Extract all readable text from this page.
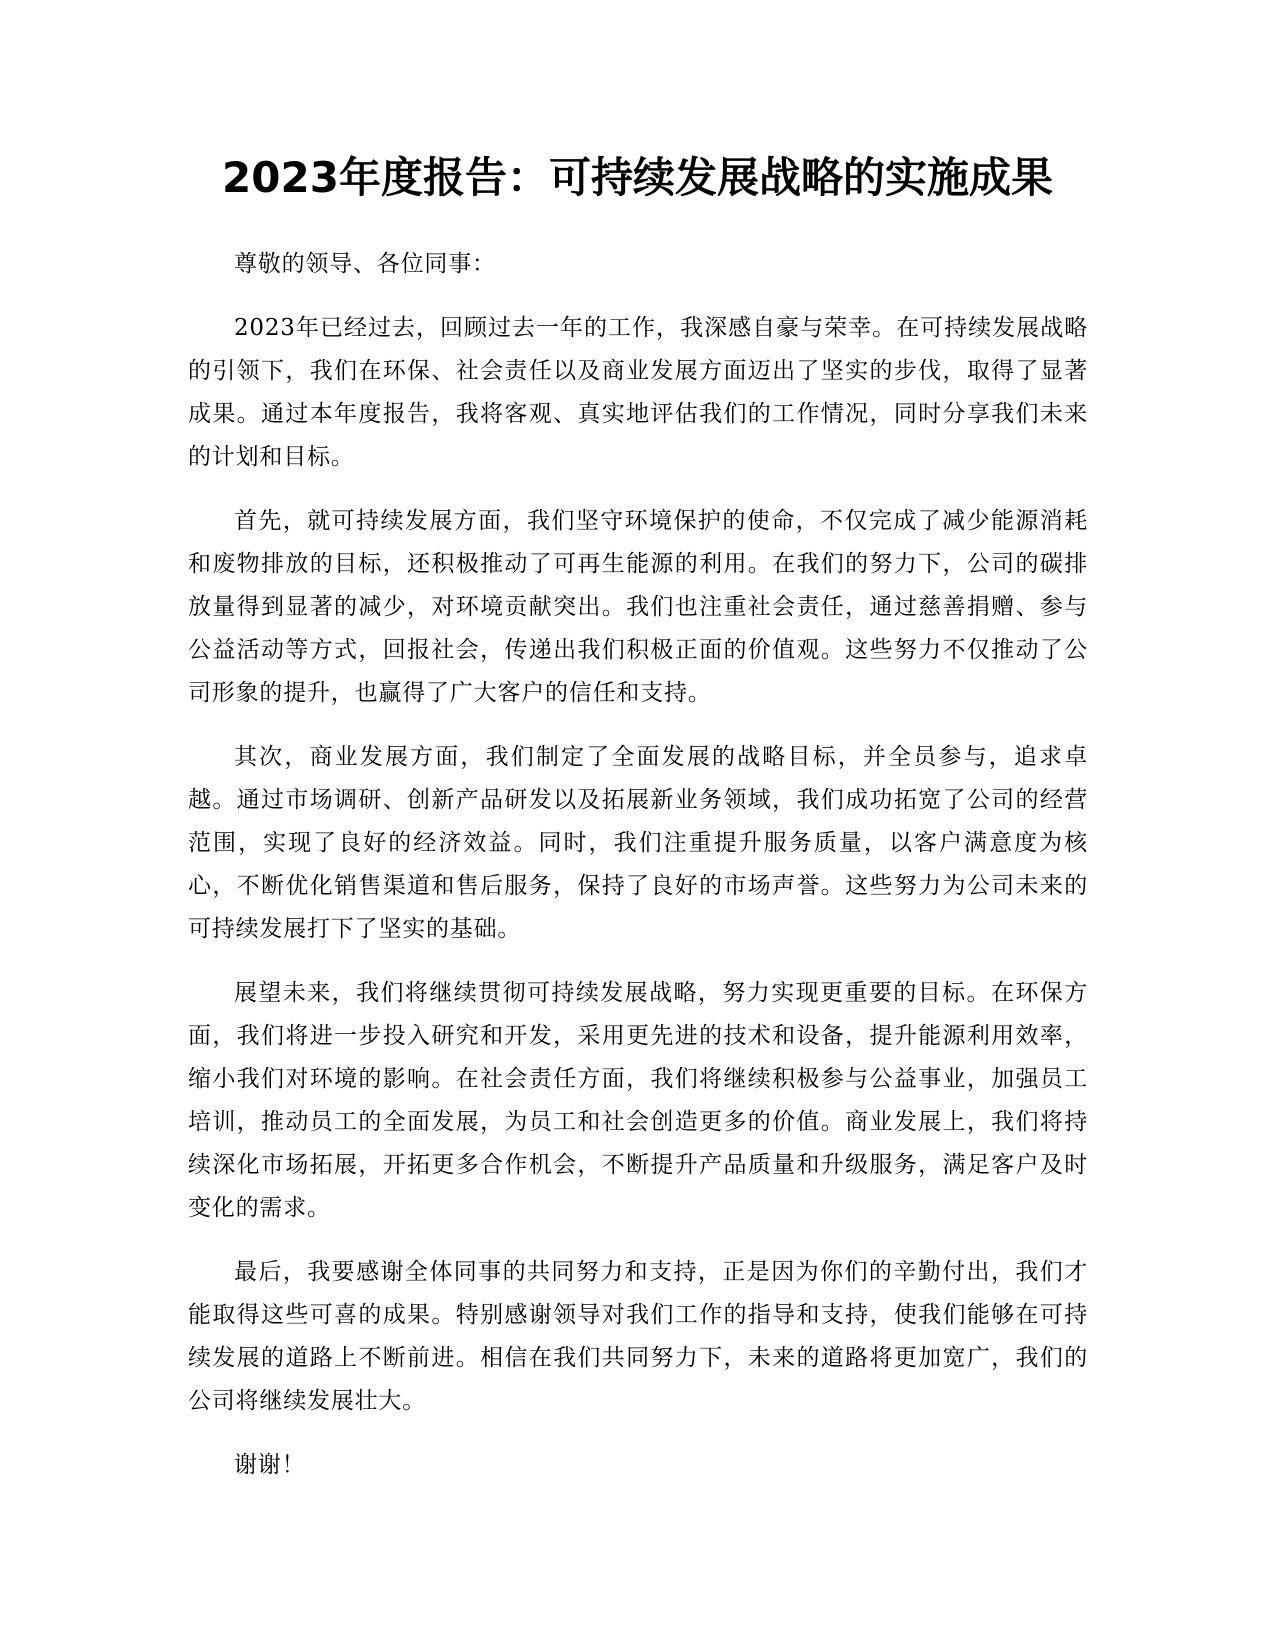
2023年度报告：可持续发展战略的实施成果

尊敬的领导、各位同事：

2023年已经过去，回顾过去一年的工作，我深感自豪与荣幸。在可持续发展战略的引领下，我们在环保、社会责任以及商业发展方面迈出了坚实的步伐，取得了显著成果。通过本年度报告，我将客观、真实地评估我们的工作情况，同时分享我们未来的计划和目标。

首先，就可持续发展方面，我们坚守环境保护的使命，不仅完成了减少能源消耗和废物排放的目标，还积极推动了可再生能源的利用。在我们的努力下，公司的碳排放量得到显著的减少，对环境贡献突出。我们也注重社会责任，通过慈善捐赠、参与公益活动等方式，回报社会，传递出我们积极正面的价值观。这些努力不仅推动了公司形象的提升，也赢得了广大客户的信任和支持。

其次，商业发展方面，我们制定了全面发展的战略目标，并全员参与，追求卓越。通过市场调研、创新产品研发以及拓展新业务领域，我们成功拓宽了公司的经营范围，实现了良好的经济效益。同时，我们注重提升服务质量，以客户满意度为核心，不断优化销售渠道和售后服务，保持了良好的市场声誉。这些努力为公司未来的可持续发展打下了坚实的基础。

展望未来，我们将继续贯彻可持续发展战略，努力实现更重要的目标。在环保方面，我们将进一步投入研究和开发，采用更先进的技术和设备，提升能源利用效率，缩小我们对环境的影响。在社会责任方面，我们将继续积极参与公益事业，加强员工培训，推动员工的全面发展，为员工和社会创造更多的价值。商业发展上，我们将持续深化市场拓展，开拓更多合作机会，不断提升产品质量和升级服务，满足客户及时变化的需求。

最后，我要感谢全体同事的共同努力和支持，正是因为你们的辛勤付出，我们才能取得这些可喜的成果。特别感谢领导对我们工作的指导和支持，使我们能够在可持续发展的道路上不断前进。相信在我们共同努力下，未来的道路将更加宽广，我们的公司将继续发展壮大。

谢谢！
